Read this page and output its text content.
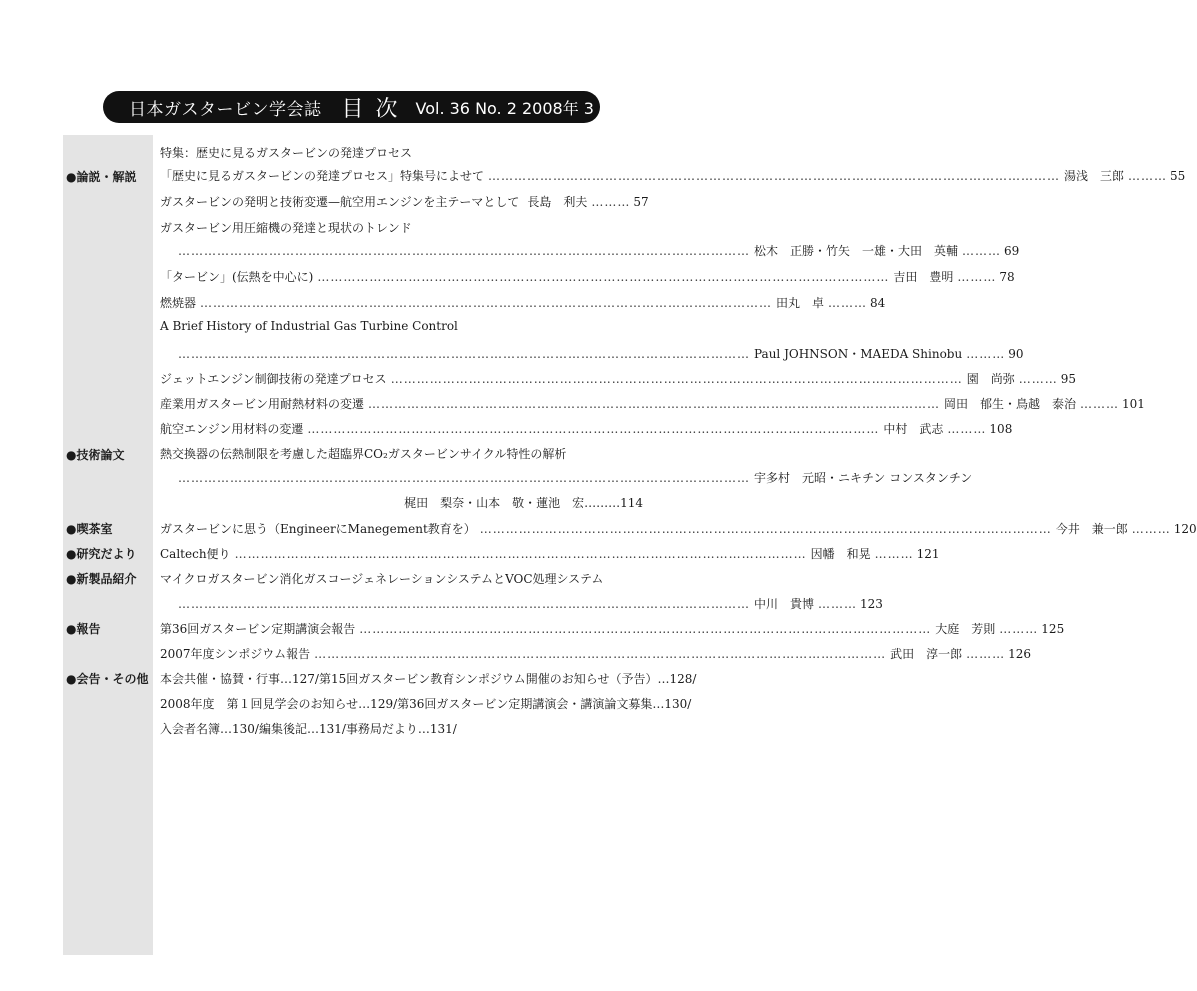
日本ガスタービン学会誌 目次 Vol. 36 No. 2 2008年 3 月
●論説・解説
●技術論文
●喫茶室
●研究だより
●新製品紹介
●報告
●会告・その他
特集：歴史に見るガスタービンの発達プロセス
「歴史に見るガスタービンの発達プロセス」特集号によせて …………………………………………………………………………………………………………………… 湯浅　三郎 ……… 55
ガスタービンの発明と技術変遷—航空用エンジンを主テーマとして 長島　利夫 ……… 57
ガスタービン用圧縮機の発達と現状のトレンド
…………………………………………………………………………………………………………………… 松木　正勝・竹矢　一雄・大田　英輔 ……… 69
「タービン」(伝熱を中心に) …………………………………………………………………………………………………………………… 吉田　豊明 ……… 78
燃焼器 …………………………………………………………………………………………………………………… 田丸　卓 ……… 84
A Brief History of Industrial Gas Turbine Control
…………………………………………………………………………………………………………………… Paul JOHNSON・MAEDA Shinobu ……… 90
ジェットエンジン制御技術の発達プロセス …………………………………………………………………………………………………………………… 園　尚弥 ……… 95
産業用ガスタービン用耐熱材料の変遷 …………………………………………………………………………………………………………………… 岡田　郁生・鳥越　泰治 ……… 101
航空エンジン用材料の変遷 …………………………………………………………………………………………………………………… 中村　武志 ……… 108
熱交換器の伝熱制限を考慮した超臨界CO₂ガスタービンサイクル特性の解析
…………………………………………………………………………………………………………………… 宇多村　元昭・ニキチン コンスタンチン
梶田　梨奈・山本　敬・蓮池　宏………114
ガスタービンに思う（EngineerにManegement教育を） …………………………………………………………………………………………………………………… 今井　兼一郎 ……… 120
Caltech便り …………………………………………………………………………………………………………………… 因幡　和晃 ……… 121
マイクロガスタービン消化ガスコージェネレーションシステムとVOC処理システム
…………………………………………………………………………………………………………………… 中川　貴博 ……… 123
第36回ガスタービン定期講演会報告 …………………………………………………………………………………………………………………… 大庭　芳則 ……… 125
2007年度シンポジウム報告 …………………………………………………………………………………………………………………… 武田　淳一郎 ……… 126
本会共催・協賛・行事…127/第15回ガスタービン教育シンポジウム開催のお知らせ（予告）…128/
2008年度　第１回見学会のお知らせ…129/第36回ガスタービン定期講演会・講演論文募集…130/
入会者名簿…130/編集後記…131/事務局だより…131/
